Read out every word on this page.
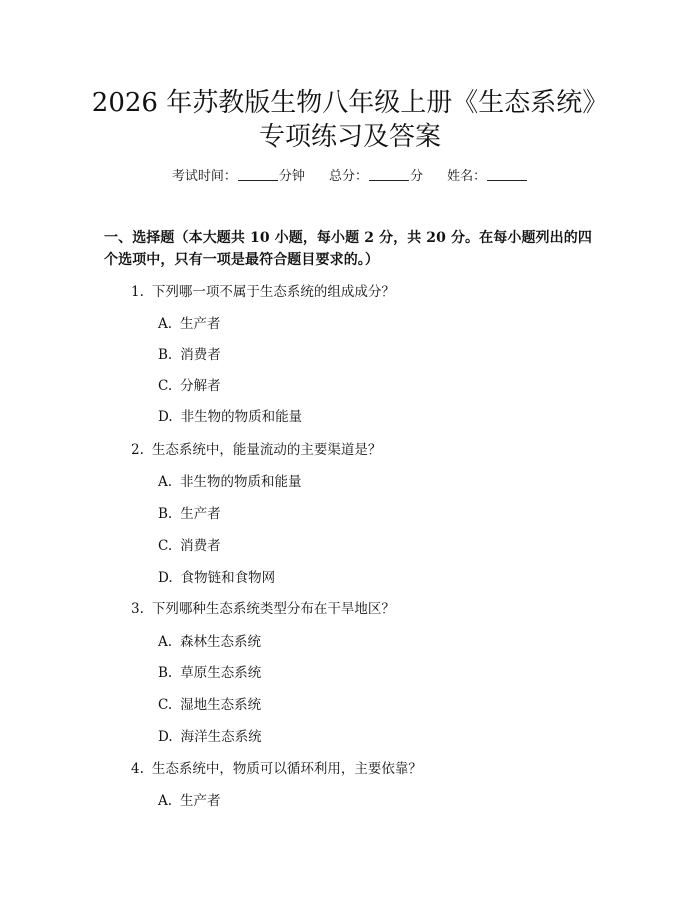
2026 年苏教版生物八年级上册《生态系统》
专项练习及答案
考试时间：	分钟 总分：	分 姓名：
一、选择题（本大题共 10 小题，每小题 2 分，共 20 分。在每小题列出的四个选项中，只有一项是最符合题目要求的。）
1. 下列哪一项不属于生态系统的组成成分？
A. 生产者
B. 消费者
C. 分解者
D. 非生物的物质和能量
2. 生态系统中，能量流动的主要渠道是？
A. 非生物的物质和能量
B. 生产者
C. 消费者
D. 食物链和食物网
3. 下列哪种生态系统类型分布在干旱地区？
A. 森林生态系统
B. 草原生态系统
C. 湿地生态系统
D. 海洋生态系统
4. 生态系统中，物质可以循环利用，主要依靠？
A. 生产者
